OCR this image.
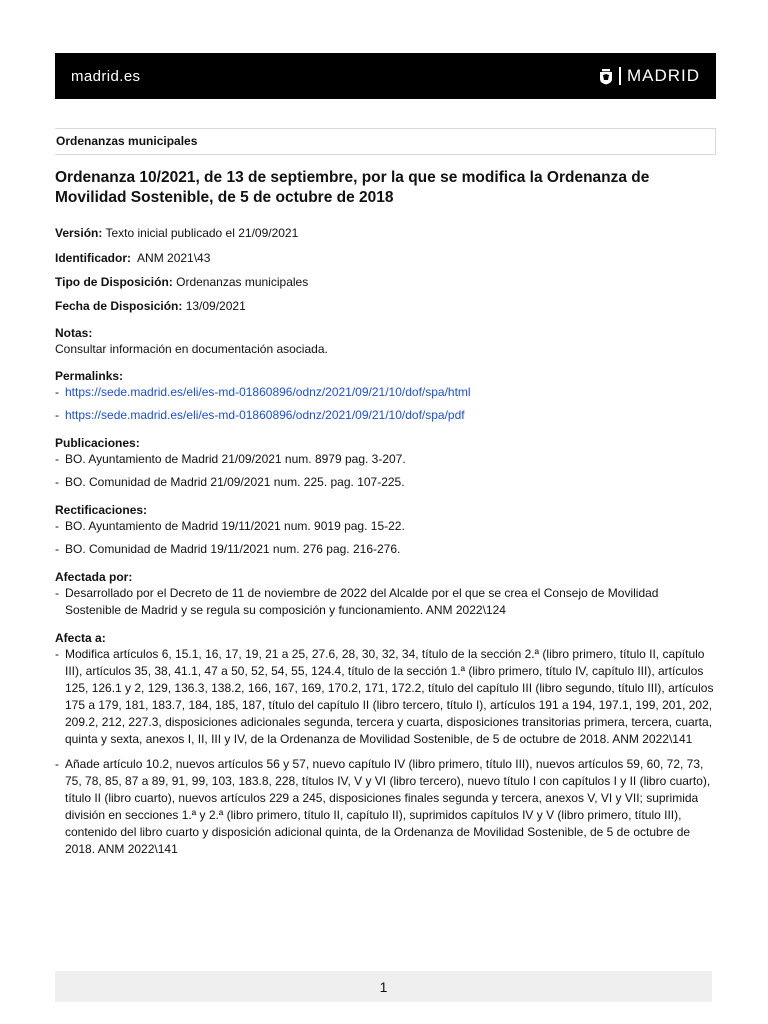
madrid.es	MADRID
Ordenanzas municipales
Ordenanza 10/2021, de 13 de septiembre, por la que se modifica la Ordenanza de Movilidad Sostenible, de 5 de octubre de 2018
Versión: Texto inicial publicado el 21/09/2021
Identificador:  ANM 2021\43
Tipo de Disposición: Ordenanzas municipales
Fecha de Disposición: 13/09/2021
Notas:
Consultar información en documentación asociada.
Permalinks:
- https://sede.madrid.es/eli/es-md-01860896/odnz/2021/09/21/10/dof/spa/html
- https://sede.madrid.es/eli/es-md-01860896/odnz/2021/09/21/10/dof/spa/pdf
Publicaciones:
- BO. Ayuntamiento de Madrid 21/09/2021 num. 8979 pag. 3-207.
- BO. Comunidad de Madrid 21/09/2021 num. 225. pag. 107-225.
Rectificaciones:
- BO. Ayuntamiento de Madrid 19/11/2021 num. 9019 pag. 15-22.
- BO. Comunidad de Madrid 19/11/2021 num. 276 pag. 216-276.
Afectada por:
- Desarrollado por el Decreto de 11 de noviembre de 2022 del Alcalde por el que se crea el Consejo de Movilidad Sostenible de Madrid y se regula su composición y funcionamiento. ANM 2022\124
Afecta a:
- Modifica artículos 6, 15.1, 16, 17, 19, 21 a 25, 27.6, 28, 30, 32, 34, título de la sección 2.ª (libro primero, título II, capítulo III), artículos 35, 38, 41.1, 47 a 50, 52, 54, 55, 124.4, título de la sección 1.ª (libro primero, título IV, capítulo III), artículos 125, 126.1 y 2, 129, 136.3, 138.2, 166, 167, 169, 170.2, 171, 172.2, título del capítulo III (libro segundo, título III), artículos 175 a 179, 181, 183.7, 184, 185, 187, título del capítulo II (libro tercero, título I), artículos 191 a 194, 197.1, 199, 201, 202, 209.2, 212, 227.3, disposiciones adicionales segunda, tercera y cuarta, disposiciones transitorias primera, tercera, cuarta, quinta y sexta, anexos I, II, III y IV, de la Ordenanza de Movilidad Sostenible, de 5 de octubre de 2018. ANM 2022\141
- Añade artículo 10.2, nuevos artículos 56 y 57, nuevo capítulo IV (libro primero, título III), nuevos artículos 59, 60, 72, 73, 75, 78, 85, 87 a 89, 91, 99, 103, 183.8, 228, títulos IV, V y VI (libro tercero), nuevo título I con capítulos I y II (libro cuarto), título II (libro cuarto), nuevos artículos 229 a 245, disposiciones finales segunda y tercera, anexos V, VI y VII; suprimida división en secciones 1.ª y 2.ª (libro primero, título II, capítulo II), suprimidos capítulos IV y V (libro primero, título III), contenido del libro cuarto y disposición adicional quinta, de la Ordenanza de Movilidad Sostenible, de 5 de octubre de 2018. ANM 2022\141
1
